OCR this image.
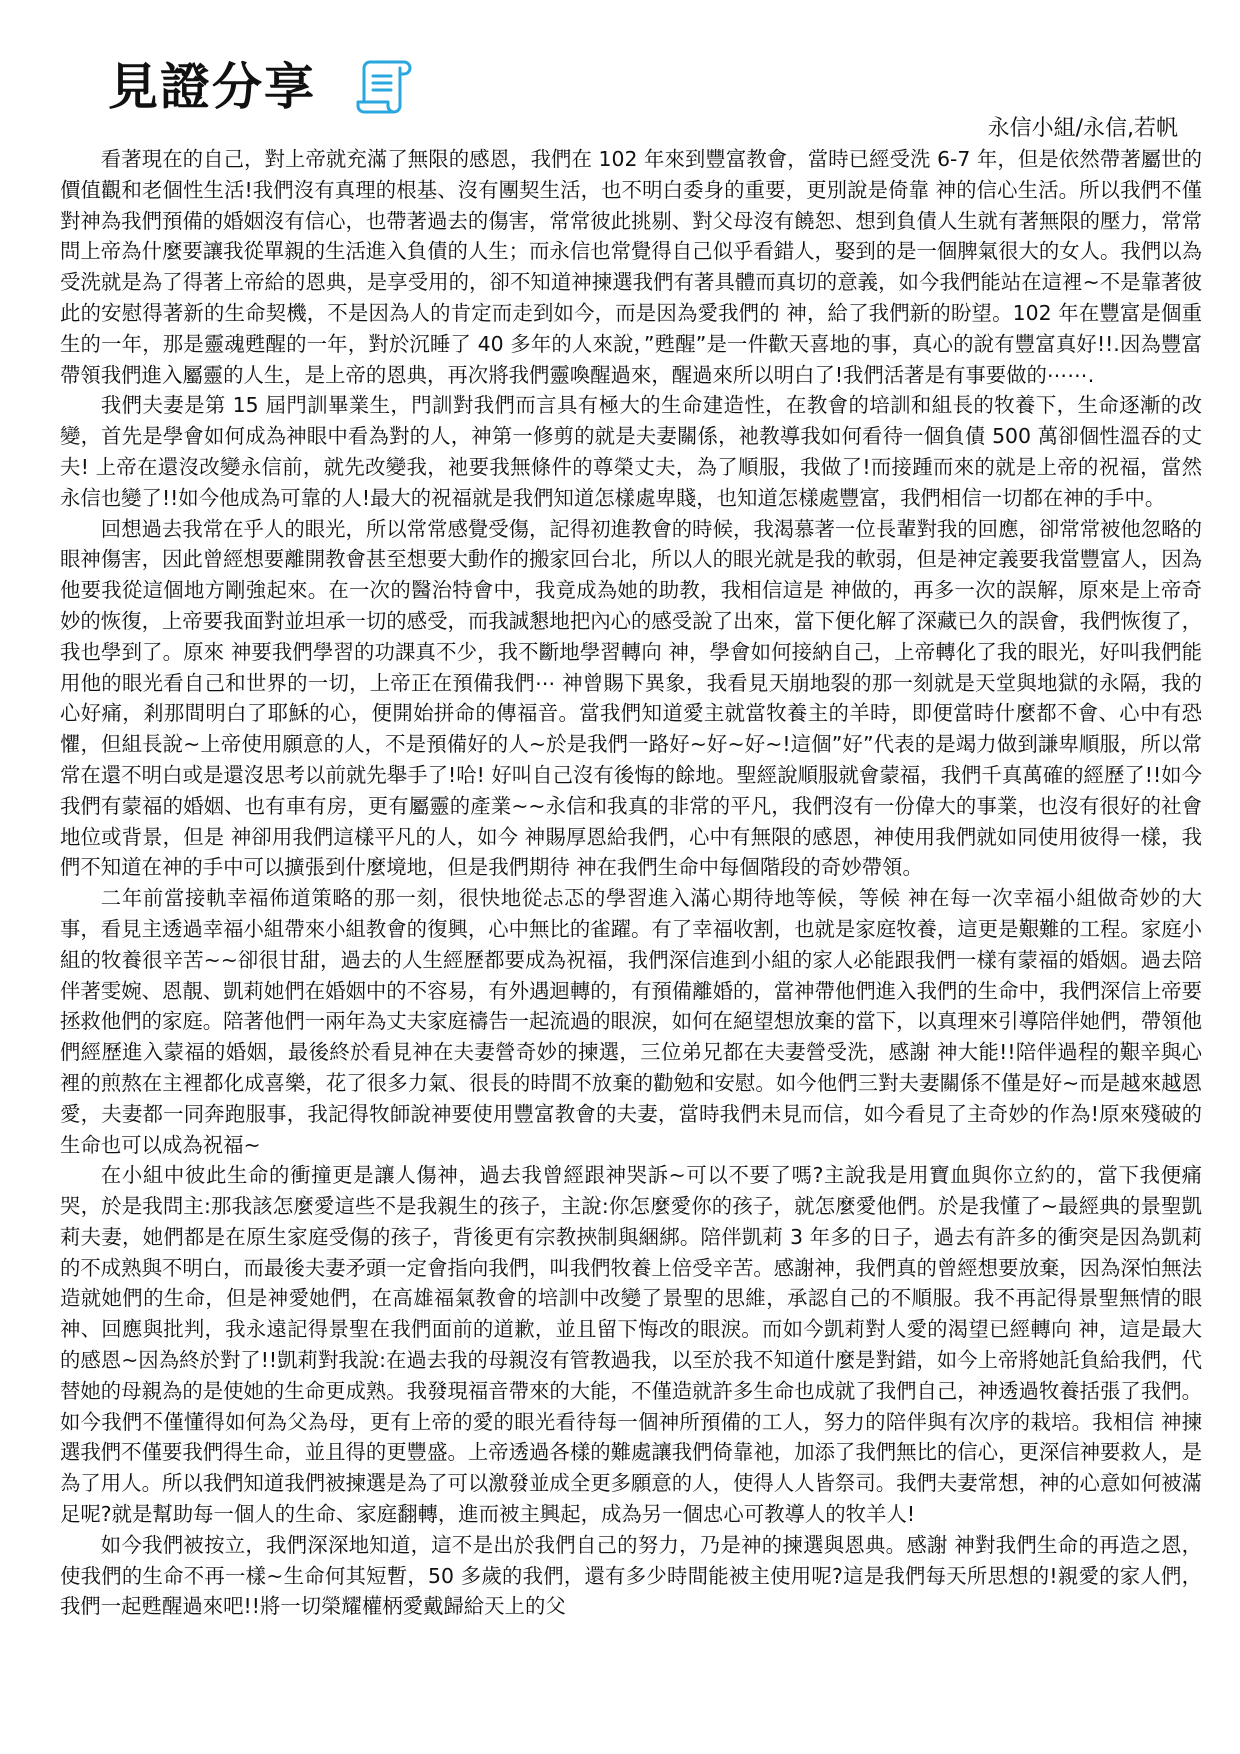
見證分享
永信小組/永信,若帆

看著現在的自己，對上帝就充滿了無限的感恩，我們在 102 年來到豐富教會，當時已經受洗 6-7 年，但是依然帶著屬世的價值觀和老個性生活!我們沒有真理的根基、沒有團契生活，也不明白委身的重要，更別說是倚靠 神的信心生活。所以我們不僅對神為我們預備的婚姻沒有信心，也帶著過去的傷害，常常彼此挑剔、對父母沒有饒恕、想到負債人生就有著無限的壓力，常常問上帝為什麼要讓我從單親的生活進入負債的人生；而永信也常覺得自己似乎看錯人，娶到的是一個脾氣很大的女人。我們以為受洗就是為了得著上帝給的恩典，是享受用的，卻不知道神揀選我們有著具體而真切的意義，如今我們能站在這裡~不是靠著彼此的安慰得著新的生命契機，不是因為人的肯定而走到如今，而是因為愛我們的 神，給了我們新的盼望。102 年在豐富是個重生的一年，那是靈魂甦醒的一年，對於沉睡了 40 多年的人來說，”甦醒”是一件歡天喜地的事，真心的說有豐富真好!!.因為豐富帶領我們進入屬靈的人生，是上帝的恩典，再次將我們靈喚醒過來，醒過來所以明白了!我們活著是有事要做的⋯⋯.

我們夫妻是第 15 屆門訓畢業生，門訓對我們而言具有極大的生命建造性，在教會的培訓和組長的牧養下，生命逐漸的改變，首先是學會如何成為神眼中看為對的人，神第一修剪的就是夫妻關係，祂教導我如何看待一個負債 500 萬卻個性溫吞的丈夫! 上帝在還沒改變永信前，就先改變我，祂要我無條件的尊榮丈夫，為了順服，我做了!而接踵而來的就是上帝的祝福，當然永信也變了!!如今他成為可靠的人!最大的祝福就是我們知道怎樣處卑賤，也知道怎樣處豐富，我們相信一切都在神的手中。

回想過去我常在乎人的眼光，所以常常感覺受傷，記得初進教會的時候，我渴慕著一位長輩對我的回應，卻常常被他忽略的眼神傷害，因此曾經想要離開教會甚至想要大動作的搬家回台北，所以人的眼光就是我的軟弱，但是神定義要我當豐富人，因為他要我從這個地方剛強起來。在一次的醫治特會中，我竟成為她的助教，我相信這是 神做的，再多一次的誤解，原來是上帝奇妙的恢復，上帝要我面對並坦承一切的感受，而我誠懇地把內心的感受說了出來，當下便化解了深藏已久的誤會，我們恢復了，我也學到了。原來 神要我們學習的功課真不少，我不斷地學習轉向 神，學會如何接納自己，上帝轉化了我的眼光，好叫我們能用他的眼光看自己和世界的一切，上帝正在預備我們⋯ 神曾賜下異象，我看見天崩地裂的那一刻就是天堂與地獄的永隔，我的心好痛，剎那間明白了耶穌的心，便開始拼命的傳福音。當我們知道愛主就當牧養主的羊時，即便當時什麼都不會、心中有恐懼，但組長說~上帝使用願意的人，不是預備好的人~於是我們一路好~好~好~!這個”好”代表的是竭力做到謙卑順服，所以常常在還不明白或是還沒思考以前就先舉手了!哈! 好叫自己沒有後悔的餘地。聖經說順服就會蒙福，我們千真萬確的經歷了!!如今我們有蒙福的婚姻、也有車有房，更有屬靈的產業~~永信和我真的非常的平凡，我們沒有一份偉大的事業，也沒有很好的社會地位或背景，但是 神卻用我們這樣平凡的人，如今 神賜厚恩給我們，心中有無限的感恩，神使用我們就如同使用彼得一樣，我們不知道在神的手中可以擴張到什麼境地，但是我們期待 神在我們生命中每個階段的奇妙帶領。

二年前當接軌幸福佈道策略的那一刻，很快地從忐忑的學習進入滿心期待地等候，等候 神在每一次幸福小組做奇妙的大事，看見主透過幸福小組帶來小組教會的復興，心中無比的雀躍。有了幸福收割，也就是家庭牧養，這更是艱難的工程。家庭小組的牧養很辛苦~~卻很甘甜，過去的人生經歷都要成為祝福，我們深信進到小組的家人必能跟我們一樣有蒙福的婚姻。過去陪伴著雯婉、恩靚、凱莉她們在婚姻中的不容易，有外遇迴轉的，有預備離婚的，當神帶他們進入我們的生命中，我們深信上帝要拯救他們的家庭。陪著他們一兩年為丈夫家庭禱告一起流過的眼淚，如何在絕望想放棄的當下，以真理來引導陪伴她們，帶領他們經歷進入蒙福的婚姻，最後終於看見神在夫妻營奇妙的揀選，三位弟兄都在夫妻營受洗，感謝 神大能!!陪伴過程的艱辛與心裡的煎熬在主裡都化成喜樂，花了很多力氣、很長的時間不放棄的勸勉和安慰。如今他們三對夫妻關係不僅是好~而是越來越恩愛，夫妻都一同奔跑服事，我記得牧師說神要使用豐富教會的夫妻，當時我們未見而信，如今看見了主奇妙的作為!原來殘破的生命也可以成為祝福~

在小組中彼此生命的衝撞更是讓人傷神，過去我曾經跟神哭訴~可以不要了嗎?主說我是用寶血與你立約的，當下我便痛哭，於是我問主:那我該怎麼愛這些不是我親生的孩子，主說:你怎麼愛你的孩子，就怎麼愛他們。於是我懂了~最經典的景聖凱莉夫妻，她們都是在原生家庭受傷的孩子，背後更有宗教挾制與綑綁。陪伴凱莉 3 年多的日子，過去有許多的衝突是因為凱莉的不成熟與不明白，而最後夫妻矛頭一定會指向我們，叫我們牧養上倍受辛苦。感謝神，我們真的曾經想要放棄，因為深怕無法造就她們的生命，但是神愛她們，在高雄福氣教會的培訓中改變了景聖的思維，承認自己的不順服。我不再記得景聖無情的眼神、回應與批判，我永遠記得景聖在我們面前的道歉，並且留下悔改的眼淚。而如今凱莉對人愛的渴望已經轉向 神，這是最大的感恩~因為終於對了!!凱莉對我說:在過去我的母親沒有管教過我，以至於我不知道什麼是對錯，如今上帝將她託負給我們，代替她的母親為的是使她的生命更成熟。我發現福音帶來的大能，不僅造就許多生命也成就了我們自己，神透過牧養括張了我們。如今我們不僅懂得如何為父為母，更有上帝的愛的眼光看待每一個神所預備的工人，努力的陪伴與有次序的栽培。我相信 神揀選我們不僅要我們得生命，並且得的更豐盛。上帝透過各樣的難處讓我們倚靠祂，加添了我們無比的信心，更深信神要救人，是為了用人。所以我們知道我們被揀選是為了可以激發並成全更多願意的人，使得人人皆祭司。我們夫妻常想，神的心意如何被滿足呢?就是幫助每一個人的生命、家庭翻轉，進而被主興起，成為另一個忠心可教導人的牧羊人!

如今我們被按立，我們深深地知道，這不是出於我們自己的努力，乃是神的揀選與恩典。感謝 神對我們生命的再造之恩，使我們的生命不再一樣~生命何其短暫，50 多歲的我們，還有多少時間能被主使用呢?這是我們每天所思想的!親愛的家人們，我們一起甦醒過來吧!!將一切榮耀權柄愛戴歸給天上的父
